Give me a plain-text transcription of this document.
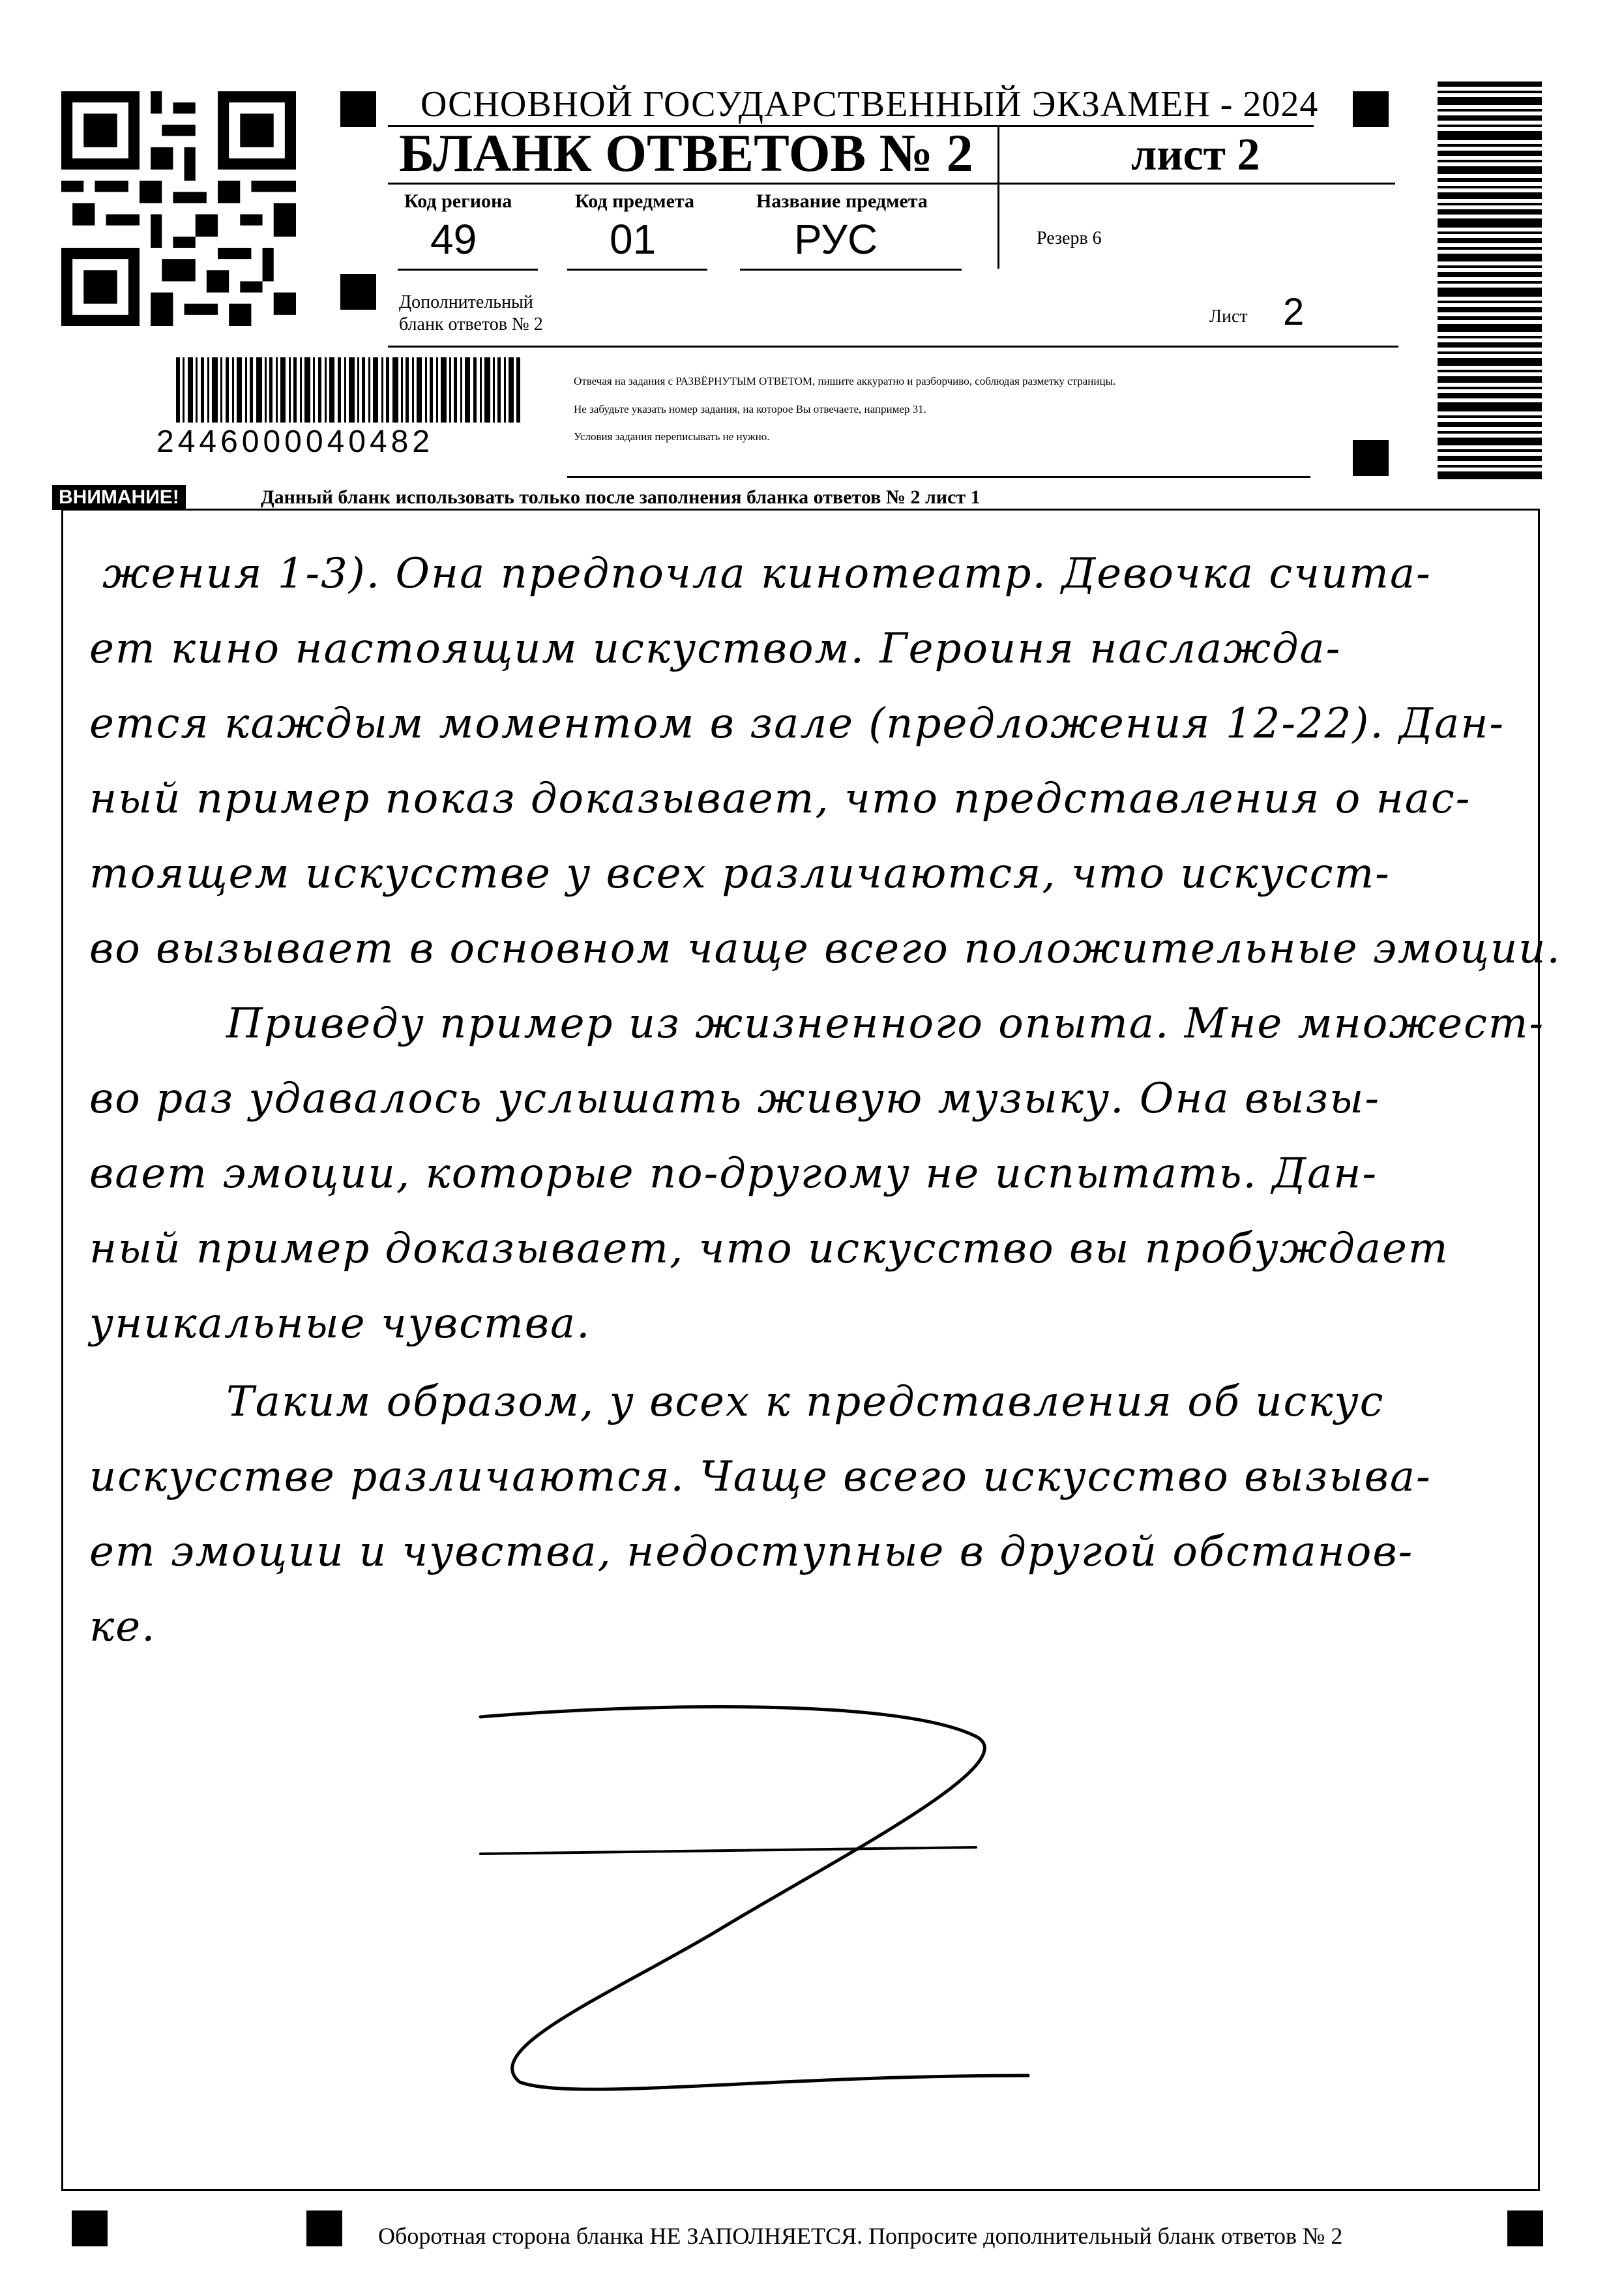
ОСНОВНОЙ ГОСУДАРСТВЕННЫЙ ЭКЗАМЕН - 2024
БЛАНК ОТВЕТОВ № 2	лист 2
Код региона	Код предмета	Название предмета
49	01	РУС	Резерв 6
Дополнительный
бланк ответов № 2	Лист 2
Отвечая на задания с РАЗВЁРНУТЫМ ОТВЕТОМ, пишите аккуратно и разборчиво, соблюдая разметку страницы.
Не забудьте указать номер задания, на которое Вы отвечаете, например 31.
Условия задания переписывать не нужно.
2446000040482
ВНИМАНИЕ!	Данный бланк использовать только после заполнения бланка ответов № 2 лист 1
жения 1-3). Она предпочла кинотеатр. Девочка счита-
ет кино настоящим искуством. Героиня наслажда-
ется каждым моментом в зале (предложения 12-22). Дан-
ный пример показ доказывает, что представления о нас-
тоящем искусстве у всех различаются, что искусст-
во вызывает в основном чаще всего положительные эмоции.
Приведу пример из жизненного опыта. Мне множест-
во раз удавалось услышать живую музыку. Она вызы-
вает эмоции, которые по-другому не испытать. Дан-
ный пример доказывает, что искусство вы пробуждает
уникальные чувства.
Таким образом, у всех к представления об искус
искусстве различаются. Чаще всего искусство вызыва-
ет эмоции и чувства, недоступные в другой обстанов-
ке.
Оборотная сторона бланка НЕ ЗАПОЛНЯЕТСЯ. Попросите дополнительный бланк ответов № 2
